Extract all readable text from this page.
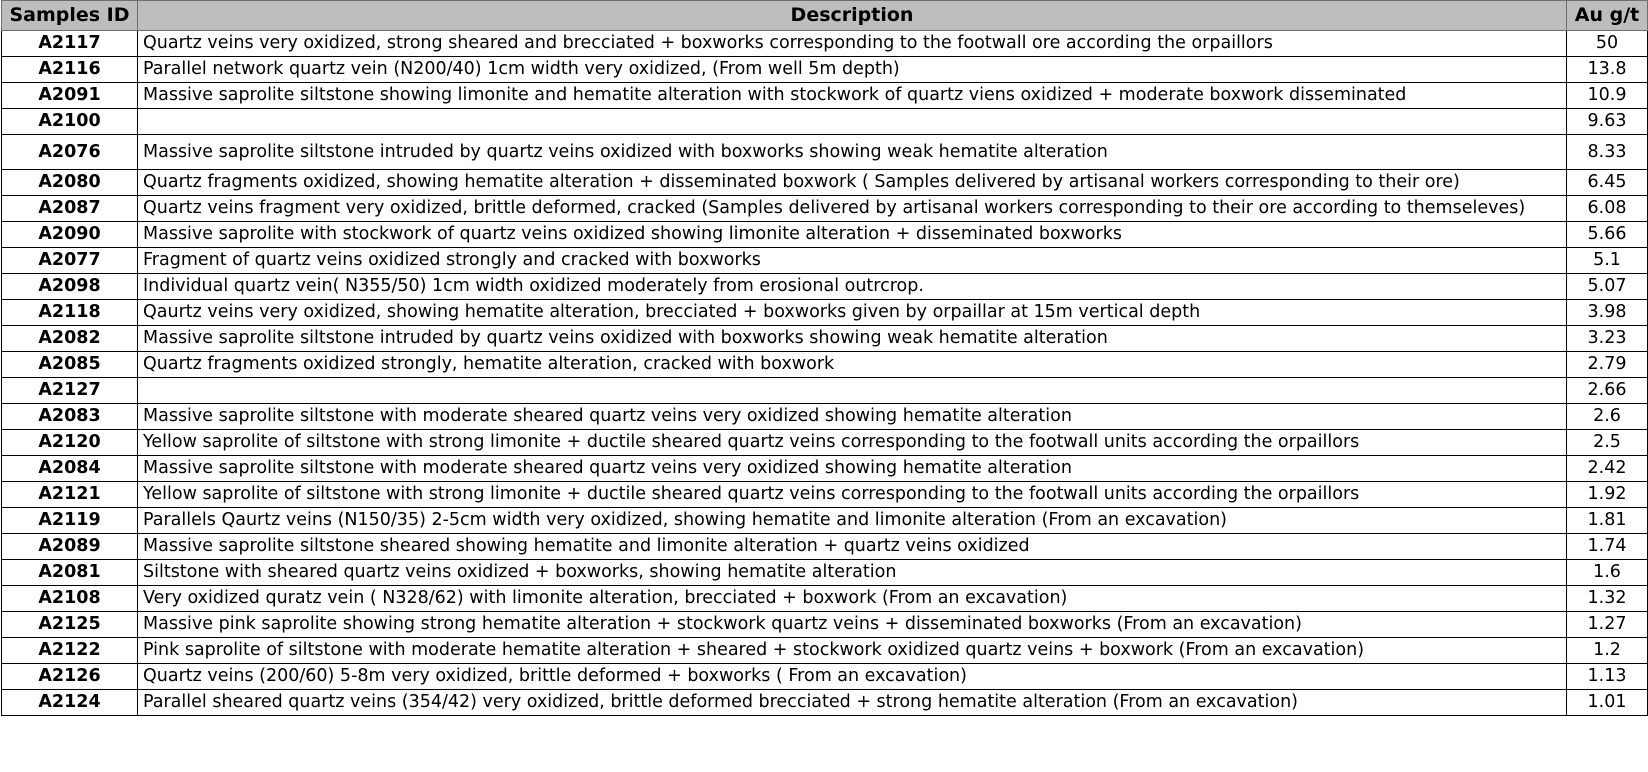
Samples ID	Description	Au g/t
A2117	Quartz veins very oxidized, strong sheared and brecciated + boxworks corresponding to the footwall ore according the orpaillors	50
A2116	Parallel network quartz vein (N200/40) 1cm width very oxidized, (From well 5m depth)	13.8
A2091	Massive saprolite siltstone showing limonite and hematite alteration with stockwork of quartz viens oxidized + moderate boxwork disseminated	10.9
A2100		9.63
A2076	Massive saprolite siltstone intruded by quartz veins oxidized with boxworks showing weak hematite alteration	8.33
A2080	Quartz fragments oxidized, showing hematite alteration + disseminated boxwork ( Samples delivered by artisanal workers corresponding to their ore)	6.45
A2087	Quartz veins fragment very oxidized, brittle deformed, cracked (Samples delivered by artisanal workers corresponding to their ore according to themseleves)	6.08
A2090	Massive saprolite with stockwork of quartz veins oxidized showing limonite alteration + disseminated boxworks	5.66
A2077	Fragment of quartz veins oxidized strongly and cracked with boxworks	5.1
A2098	Individual quartz vein( N355/50) 1cm width oxidized moderately from erosional outrcrop.	5.07
A2118	Qaurtz veins very oxidized, showing hematite alteration, brecciated + boxworks given by orpaillar at 15m vertical depth	3.98
A2082	Massive saprolite siltstone intruded by quartz veins oxidized with boxworks showing weak hematite alteration	3.23
A2085	Quartz fragments oxidized strongly, hematite alteration, cracked with boxwork	2.79
A2127		2.66
A2083	Massive saprolite siltstone with moderate sheared quartz veins very oxidized showing hematite alteration	2.6
A2120	Yellow saprolite of siltstone with strong limonite + ductile sheared quartz veins corresponding to the footwall units according the orpaillors	2.5
A2084	Massive saprolite siltstone with moderate sheared quartz veins very oxidized showing hematite alteration	2.42
A2121	Yellow saprolite of siltstone with strong limonite + ductile sheared quartz veins corresponding to the footwall units according the orpaillors	1.92
A2119	Parallels Qaurtz veins (N150/35) 2-5cm width very oxidized, showing hematite and limonite alteration (From an excavation)	1.81
A2089	Massive saprolite siltstone sheared showing hematite and limonite alteration + quartz veins oxidized	1.74
A2081	Siltstone with sheared quartz veins oxidized + boxworks, showing hematite alteration	1.6
A2108	Very oxidized quratz vein ( N328/62) with limonite alteration, brecciated + boxwork (From an excavation)	1.32
A2125	Massive pink saprolite showing strong hematite alteration + stockwork quartz veins + disseminated boxworks (From an excavation)	1.27
A2122	Pink saprolite of siltstone with moderate hematite alteration + sheared + stockwork oxidized quartz veins + boxwork (From an excavation)	1.2
A2126	Quartz veins (200/60) 5-8m very oxidized, brittle deformed + boxworks ( From an excavation)	1.13
A2124	Parallel sheared quartz veins (354/42) very oxidized, brittle deformed brecciated + strong hematite alteration (From an excavation)	1.01
